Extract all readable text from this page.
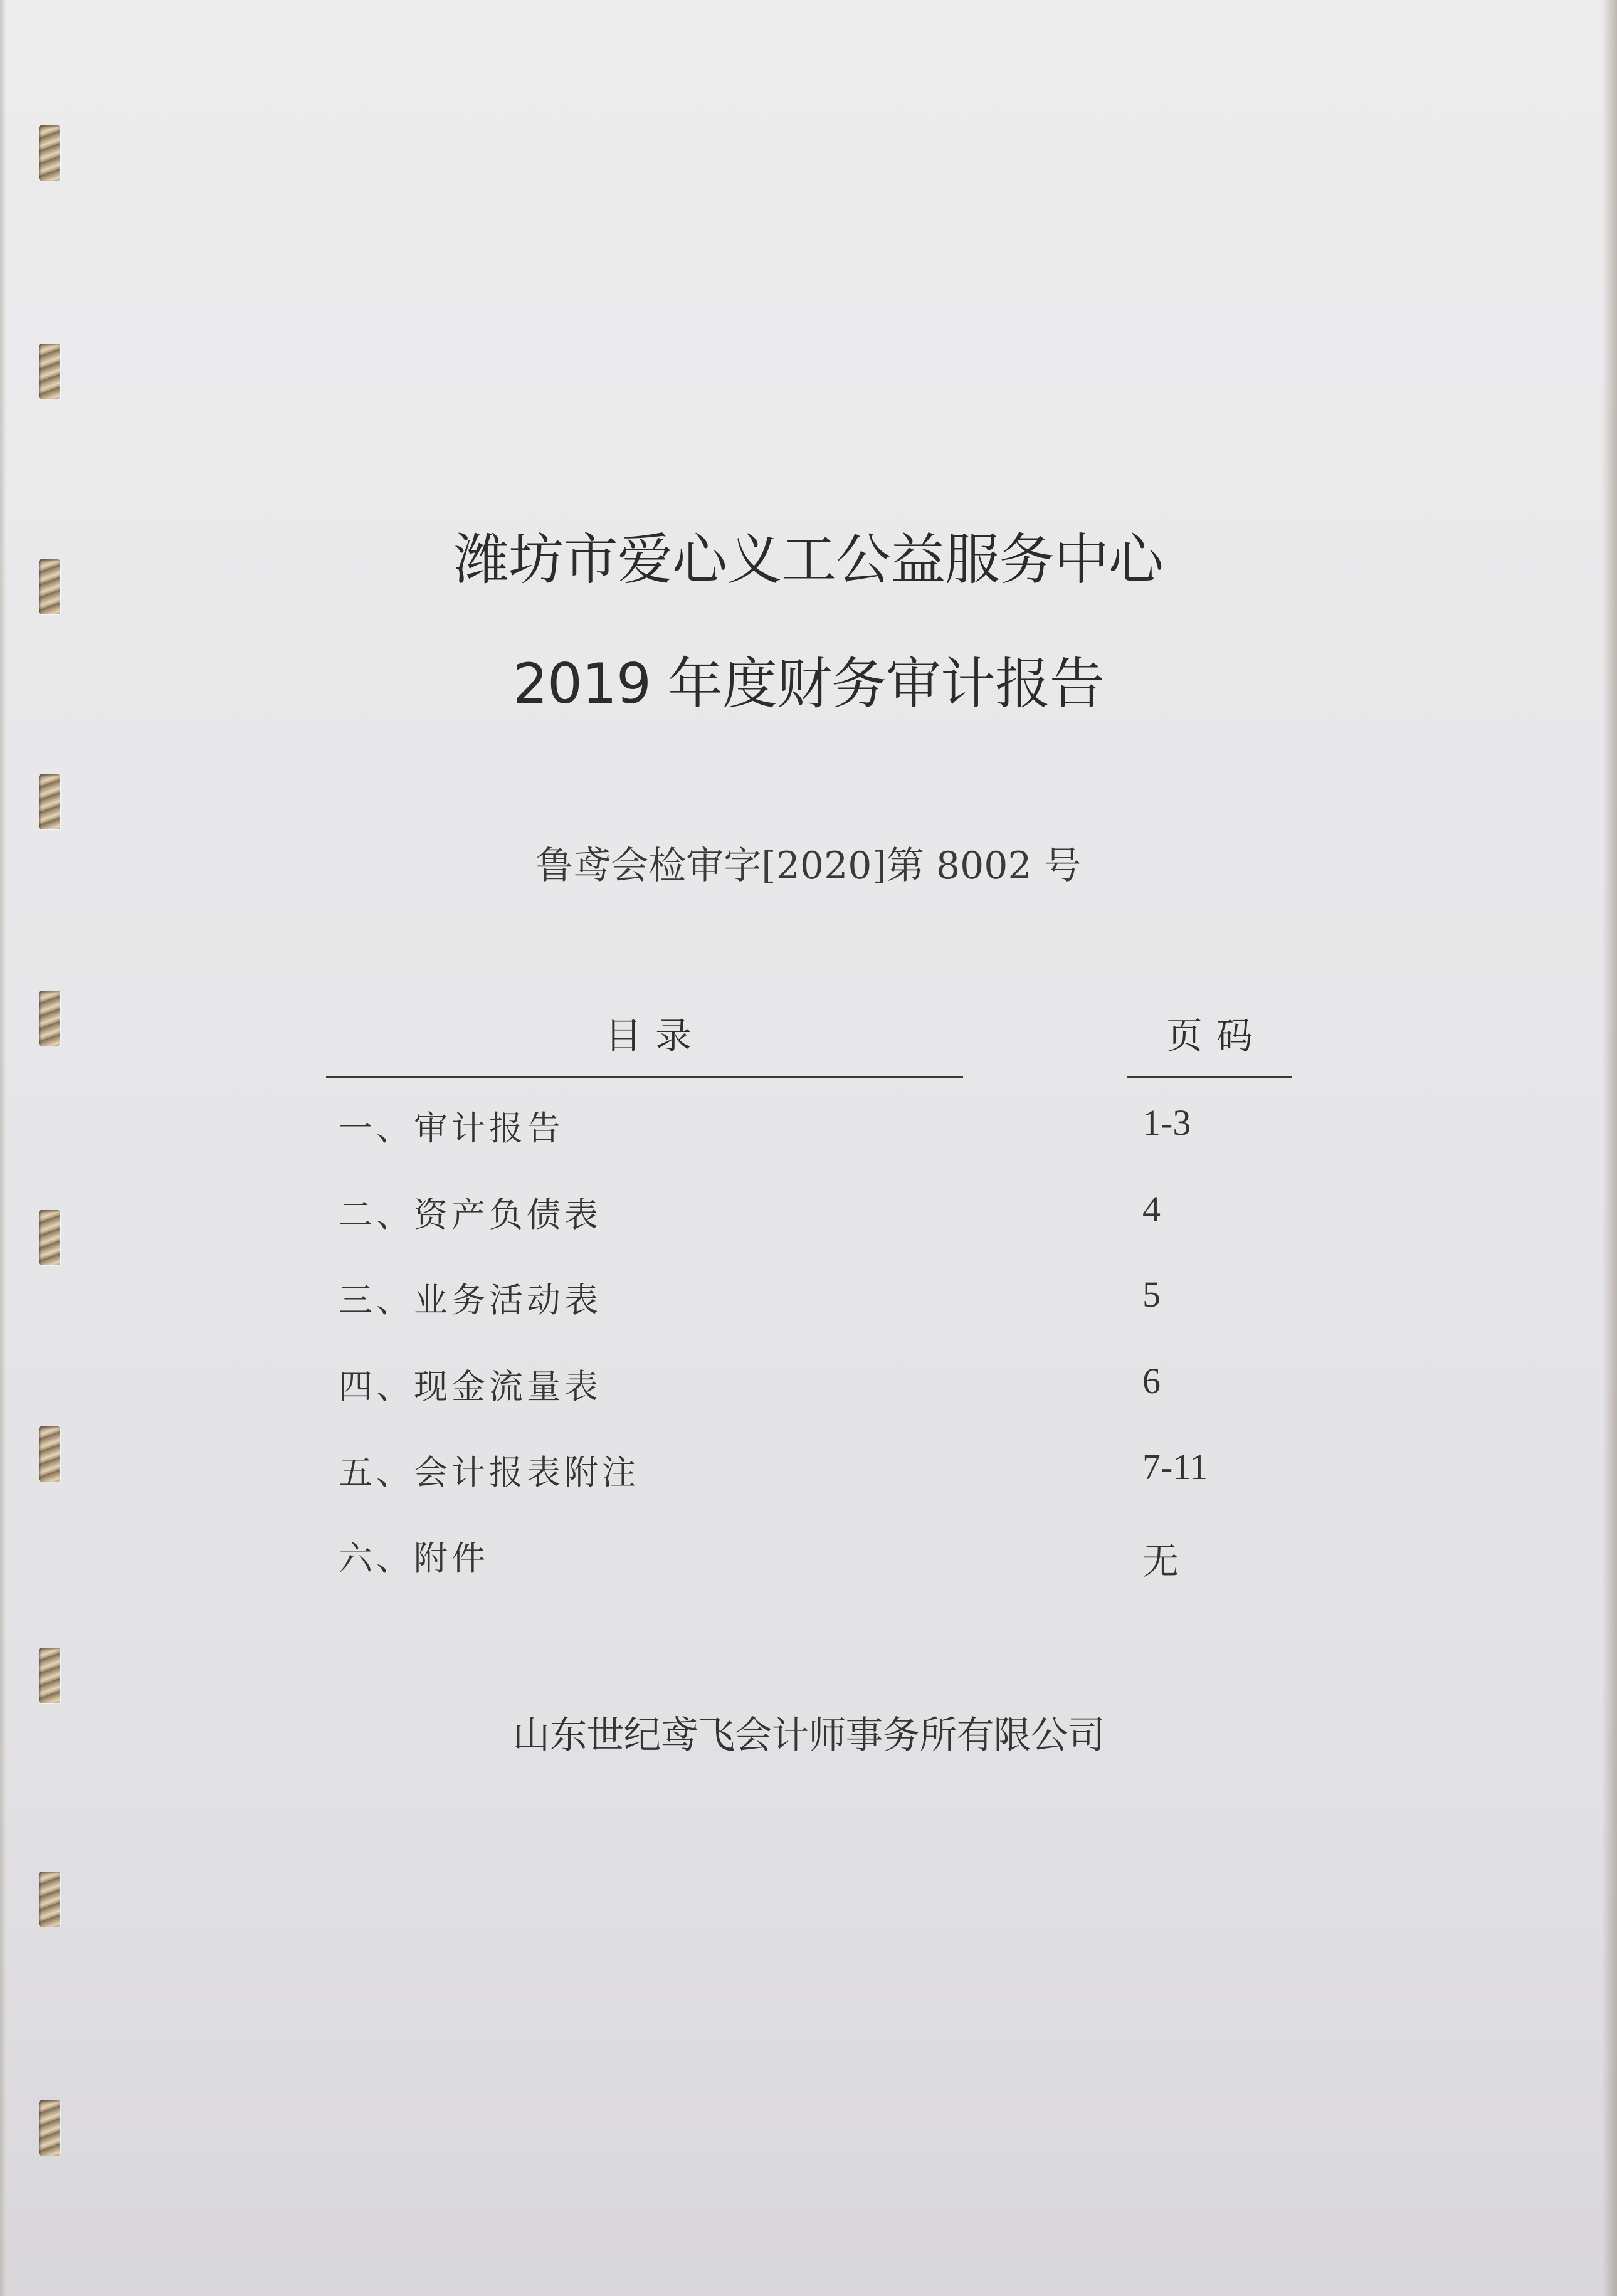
潍坊市爱心义工公益服务中心
2019 年度财务审计报告
鲁鸢会检审字[2020]第 8002 号
目录	页码
一、审计报告	1-3
二、资产负债表	4
三、业务活动表	5
四、现金流量表	6
五、会计报表附注	7-11
六、附件	无
山东世纪鸢飞会计师事务所有限公司
